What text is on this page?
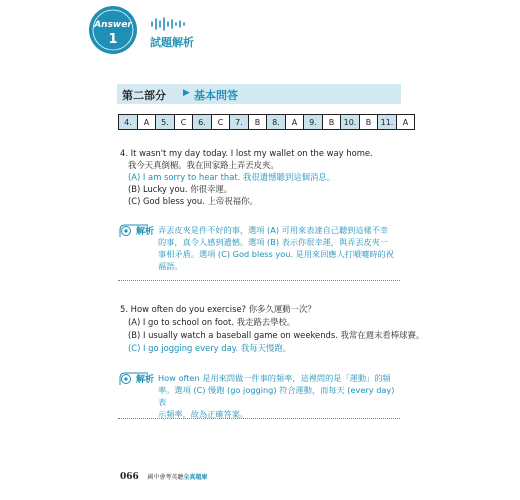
Answer
1	試題解析
第二部分 ▶ 基本問答
4.	A	5.	C	6.	C	7.	B	8.	A	9.	B	10.	B	11.	A
4. It wasn't my day today. I lost my wallet on the way home.
我今天真倒楣。我在回家路上弄丟皮夾。
(A) I am sorry to hear that. 我很遺憾聽到這個消息。
(B) Lucky you. 你很幸運。
(C) God bless you. 上帝祝福你。
解析 弄丟皮夾是件不好的事，選項 (A) 可用來表達自己聽到這樣不幸
的事，真令人感到遺憾。選項 (B) 表示你很幸運，與弄丟皮夾一
事相矛盾。選項 (C) God bless you. 是用來回應人打噴嚏時的祝
福語。
5. How often do you exercise? 你多久運動一次？
(A) I go to school on foot. 我走路去學校。
(B) I usually watch a baseball game on weekends. 我常在週末看棒球賽。
(C) I go jogging every day. 我每天慢跑。
解析 How often 是用來問做一件事的頻率，這裡問的是「運動」的頻
率。選項 (C) 慢跑 (go jogging) 符合運動，而每天 (every day) 表
示頻率，故為正確答案。
066 國中會考英聽全真題庫
